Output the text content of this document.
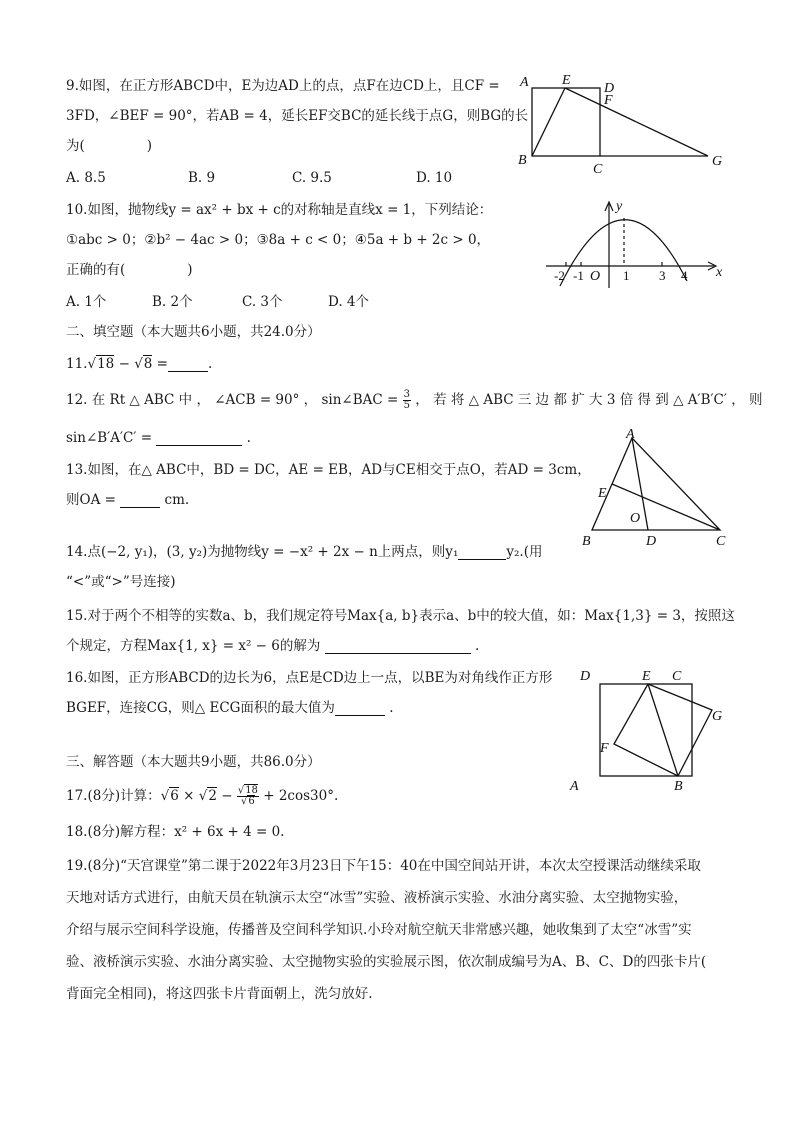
9.如图，在正方形ABCD中，E为边AD上的点，点F在边CD上，且CF =
3FD，∠BEF = 90°，若AB = 4，延长EF交BC的延长线于点G，则BG的长
为(	)
A. 8.5	B. 9	C. 9.5	D. 10
A E
D
F
B
C
G
10.如图，抛物线y = ax² + bx + c的对称轴是直线x = 1，下列结论：
①abc > 0；②b² − 4ac > 0；③8a + c < 0；④5a + b + 2c > 0，
正确的有(	)
A. 1个	B. 2个	C. 3个	D. 4个
y
x
O
-2 -1	1 3 4
二、填空题（本大题共6小题，共24.0分）
11.√18 − √8 =	.
12. 在 Rt △ ABC 中 ， ∠ACB = 90° ， sin∠BAC = $\frac{3}{5}$ ， 若 将 △ ABC 三 边 都 扩 大 3 倍 得 到 △ A′B′C′ ， 则
sin∠B′A′C′ =	.
13.如图，在△ ABC中，BD = DC，AE = EB，AD与CE相交于点O，若AD = 3cm，
则OA =	cm.
A
E
O
B	D	C
14.点(−2, y₁)，(3, y₂)为抛物线y = −x² + 2x − n上两点，则y₁	y₂.(用
“<”或“>”号连接)
15.对于两个不相等的实数a、b，我们规定符号Max{a, b}表示a、b中的较大值，如：Max{1,3} = 3，按照这
个规定，方程Max{1, x} = x² − 6的解为	.
16.如图，正方形ABCD的边长为6，点E是CD边上一点，以BE为对角线作正方形
BGEF，连接CG，则△ ECG面积的最大值为	.
D	E C
G
F
A	B
三、解答题（本大题共9小题，共86.0分）
17.(8分)计算：$√6 \times √2 - \frac{√18}{√6} + 2\cos 30^\circ$.
18.(8分)解方程：x² + 6x + 4 = 0.
19.(8分)“天宫课堂”第二课于2022年3月23日下午15：40在中国空间站开讲，本次太空授课活动继续采取
天地对话方式进行，由航天员在轨演示太空“冰雪”实验、液桥演示实验、水油分离实验、太空抛物实验，
介绍与展示空间科学设施，传播普及空间科学知识.小玲对航空航天非常感兴趣，她收集到了太空“冰雪”实
验、液桥演示实验、水油分离实验、太空抛物实验的实验展示图，依次制成编号为A、B、C、D的四张卡片(
背面完全相同)，将这四张卡片背面朝上，洗匀放好.
